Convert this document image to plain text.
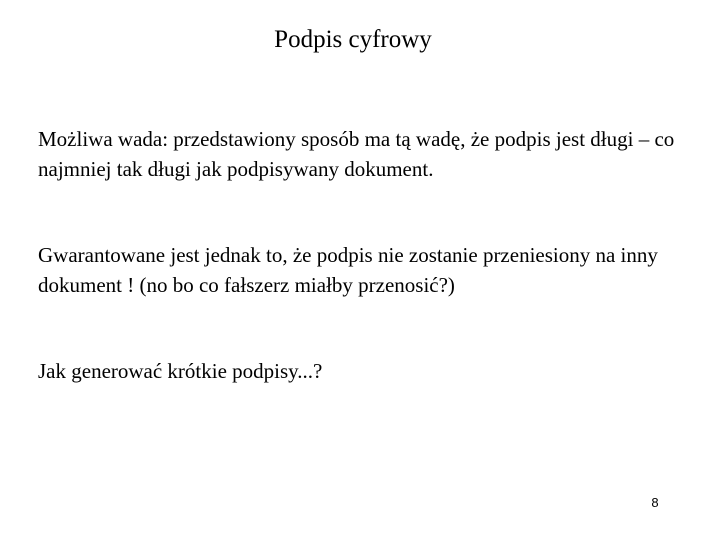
Podpis cyfrowy

Możliwa wada: przedstawiony sposób ma tą wadę, że podpis jest długi – co najmniej tak długi jak podpisywany dokument.

Gwarantowane jest jednak to, że podpis nie zostanie przeniesiony na inny dokument ! (no bo co fałszerz miałby przenosić?)

Jak generować krótkie podpisy...?

8
